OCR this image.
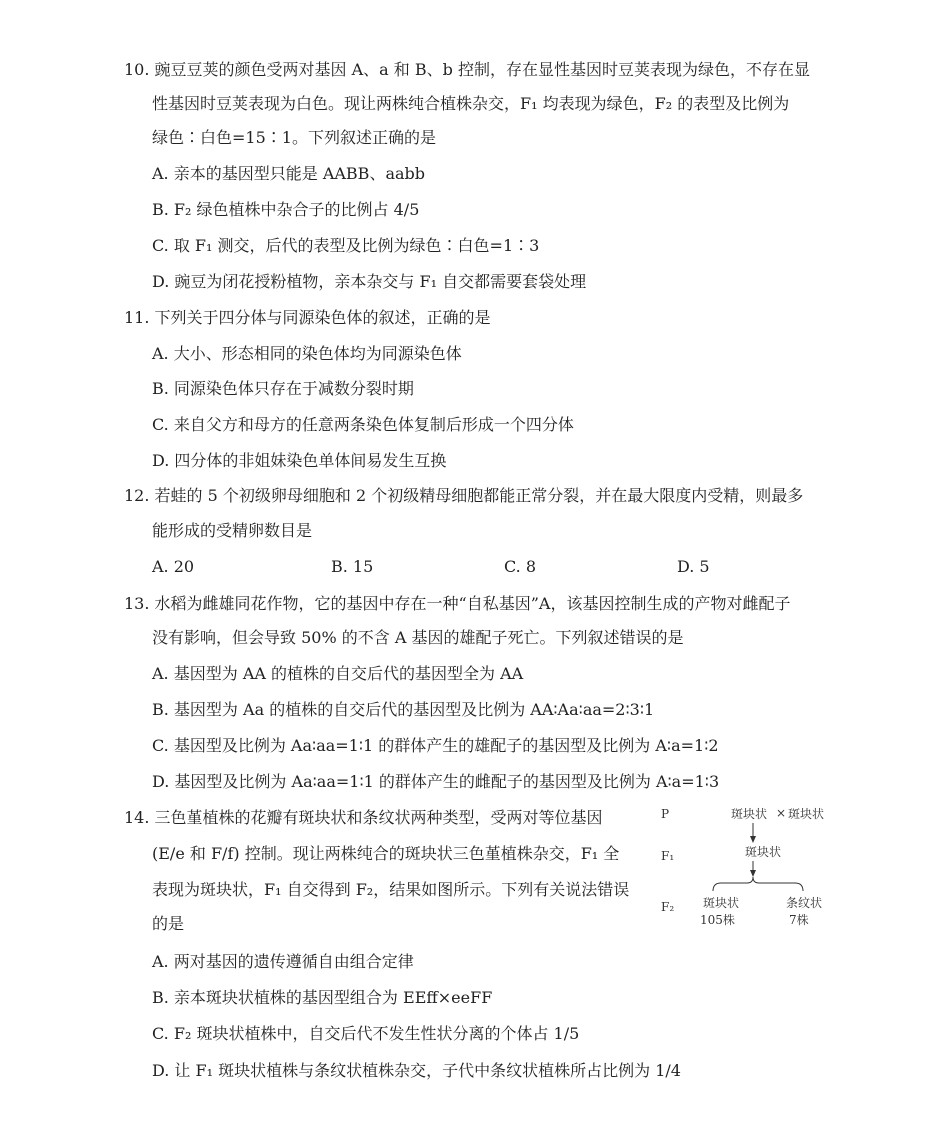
10. 豌豆豆荚的颜色受两对基因 A、a 和 B、b 控制，存在显性基因时豆荚表现为绿色，不存在显
性基因时豆荚表现为白色。现让两株纯合植株杂交，F₁ 均表现为绿色，F₂ 的表型及比例为
绿色∶白色=15∶1。下列叙述正确的是
A. 亲本的基因型只能是 AABB、aabb
B. F₂ 绿色植株中杂合子的比例占 4/5
C. 取 F₁ 测交，后代的表型及比例为绿色∶白色=1∶3
D. 豌豆为闭花授粉植物，亲本杂交与 F₁ 自交都需要套袋处理
11. 下列关于四分体与同源染色体的叙述，正确的是
A. 大小、形态相同的染色体均为同源染色体
B. 同源染色体只存在于减数分裂时期
C. 来自父方和母方的任意两条染色体复制后形成一个四分体
D. 四分体的非姐妹染色单体间易发生互换
12. 若蛙的 5 个初级卵母细胞和 2 个初级精母细胞都能正常分裂，并在最大限度内受精，则最多
能形成的受精卵数目是
A. 20	B. 15	C. 8	D. 5
13. 水稻为雌雄同花作物，它的基因中存在一种“自私基因”A，该基因控制生成的产物对雌配子
没有影响，但会导致 50% 的不含 A 基因的雄配子死亡。下列叙述错误的是
A. 基因型为 AA 的植株的自交后代的基因型全为 AA
B. 基因型为 Aa 的植株的自交后代的基因型及比例为 AA∶Aa∶aa=2∶3∶1
C. 基因型及比例为 Aa∶aa=1∶1 的群体产生的雄配子的基因型及比例为 A∶a=1∶2
D. 基因型及比例为 Aa∶aa=1∶1 的群体产生的雌配子的基因型及比例为 A∶a=1∶3
14. 三色堇植株的花瓣有斑块状和条纹状两种类型，受两对等位基因
(E/e 和 F/f) 控制。现让两株纯合的斑块状三色堇植株杂交，F₁ 全
表现为斑块状，F₁ 自交得到 F₂，结果如图所示。下列有关说法错误
的是
A. 两对基因的遗传遵循自由组合定律
B. 亲本斑块状植株的基因型组合为 EEff×eeFF
C. F₂ 斑块状植株中，自交后代不发生性状分离的个体占 1/5
D. 让 F₁ 斑块状植株与条纹状植株杂交，子代中条纹状植株所占比例为 1/4
P	斑块状 × 斑块状
F₁	斑块状
F₂ 斑块状
105株
条纹状
7株
